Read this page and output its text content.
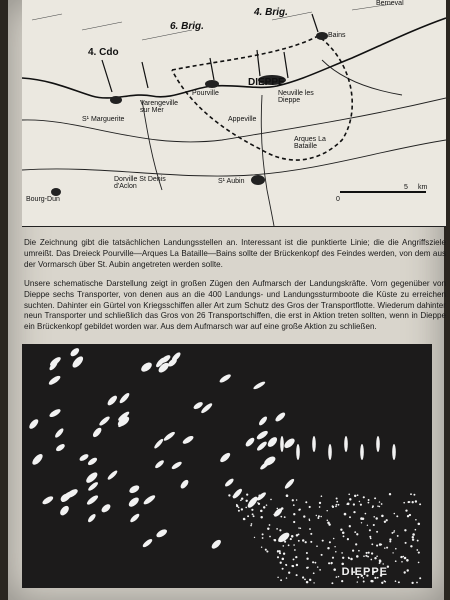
4. Cdo
6. Brig.
4. Brig.
Berneval
Bains
DIEPPE
Pourville	Neuville les Dieppe
Varengeville sur Mer
S¹ Marguerite	Appeville
Arques La Bataille
Bourg-Dun
Dorville St Denis d'Aclon
S¹ Aubin
0
5 km

Die Zeichnung gibt die tatsächlichen Landungsstellen an. Interessant ist die punktierte Linie; die die Angriffsziele umreißt. Das Dreieck Pourville—Arques La Bataille—Bains sollte der Brückenkopf des Feindes werden, von dem aus der Vormarsch über St. Aubin angetreten werden sollte.

Unsere schematische Darstellung zeigt in großen Zügen den Aufmarsch der Landungskräfte. Vorn gegenüber von Dieppe sechs Transporter, von denen aus an die 400 Landungs- und Landungssturmboote die Küste zu erreichen suchten. Dahinter ein Gürtel von Kriegsschiffen aller Art zum Schutz des Gros der Transportflotte. Wiederum dahinter neun Transporter und schließlich das Gros von 26 Transportschiffen, die erst in Aktion treten sollten, wenn in Dieppe ein Brückenkopf gebildet worden war. Aus dem Aufmarsch war auf eine große Aktion zu schließen.

DIEPPE
